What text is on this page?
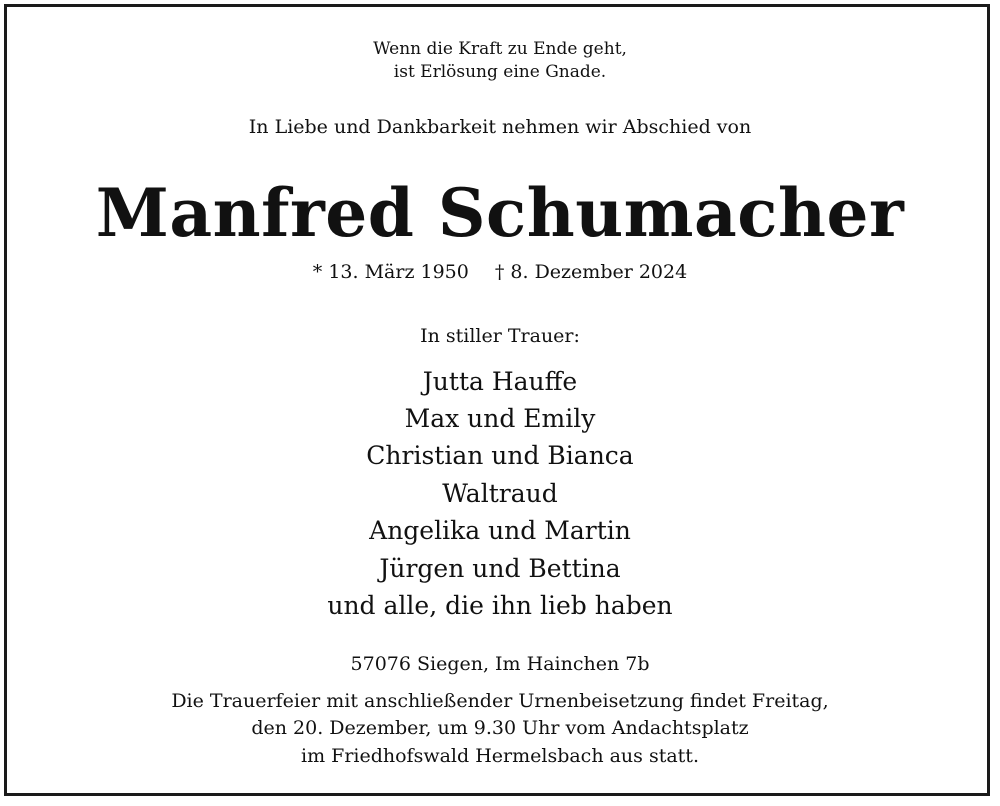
Wenn die Kraft zu Ende geht,

ist Erlösung eine Gnade.

In Liebe und Dankbarkeit nehmen wir Abschied von

Manfred Schumacher

* 13. März 1950 † 8. Dezember 2024

In stiller Trauer:

Jutta Hauffe

Max und Emily

Christian und Bianca

Waltraud

Angelika und Martin

Jürgen und Bettina

und alle, die ihn lieb haben

57076 Siegen, Im Hainchen 7b

Die Trauerfeier mit anschließender Urnenbeisetzung findet Freitag,

den 20. Dezember, um 9.30 Uhr vom Andachtsplatz

im Friedhofswald Hermelsbach aus statt.
